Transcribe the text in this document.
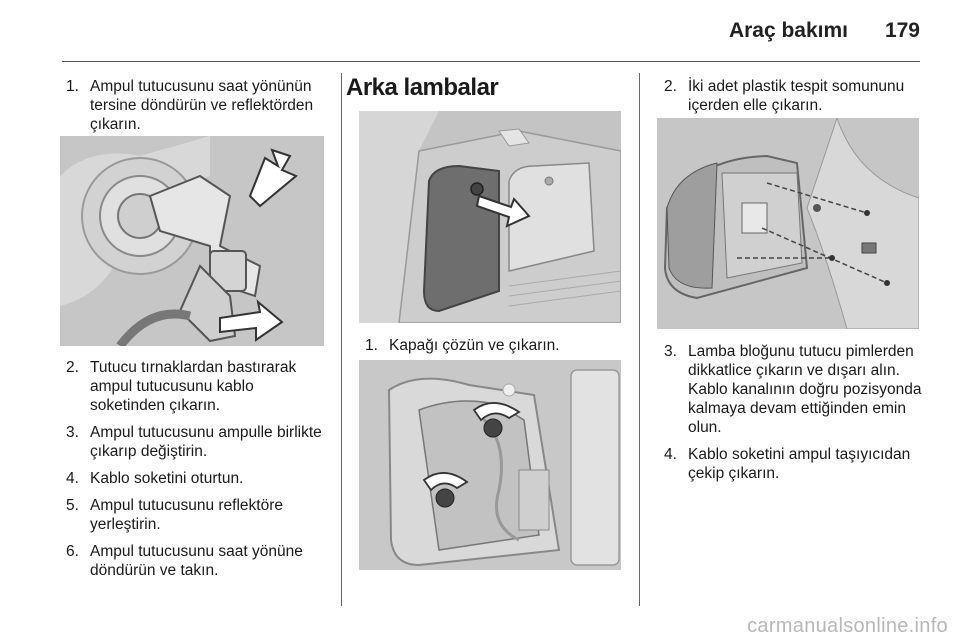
Araç bakımı 179
1. Ampul tutucusunu saat yönünün tersine döndürün ve reflektörden çıkarın.
2. Tutucu tırnaklardan bastırarak ampul tutucusunu kablo soketinden çıkarın.
3. Ampul tutucusunu ampulle birlikte çıkarıp değiştirin.
4. Kablo soketini oturtun.
5. Ampul tutucusunu reflektöre yerleştirin.
6. Ampul tutucusunu saat yönüne döndürün ve takın.
Arka lambalar
1. Kapağı çözün ve çıkarın.
2. İki adet plastik tespit somununu içerden elle çıkarın.
3. Lamba bloğunu tutucu pimlerden dikkatlice çıkarın ve dışarı alın. Kablo kanalının doğru pozisyonda kalmaya devam ettiğinden emin olun.
4. Kablo soketini ampul taşıyıcıdan çekip çıkarın.
carmanualsonline.info
